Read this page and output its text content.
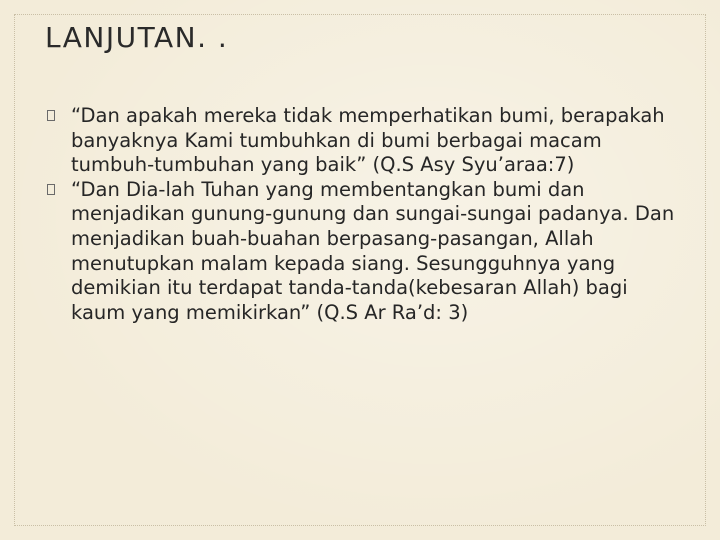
LANJUTAN. .
“Dan apakah mereka tidak memperhatikan bumi, berapakah banyaknya Kami tumbuhkan di bumi berbagai macam tumbuh-tumbuhan yang baik” (Q.S Asy Syu’araa:7)
“Dan Dia-lah Tuhan yang membentangkan bumi dan menjadikan gunung-gunung dan sungai-sungai padanya. Dan menjadikan buah-buahan berpasang-pasangan, Allah menutupkan malam kepada siang. Sesungguhnya yang demikian itu terdapat tanda-tanda(kebesaran Allah) bagi kaum yang memikirkan” (Q.S Ar Ra’d: 3)
